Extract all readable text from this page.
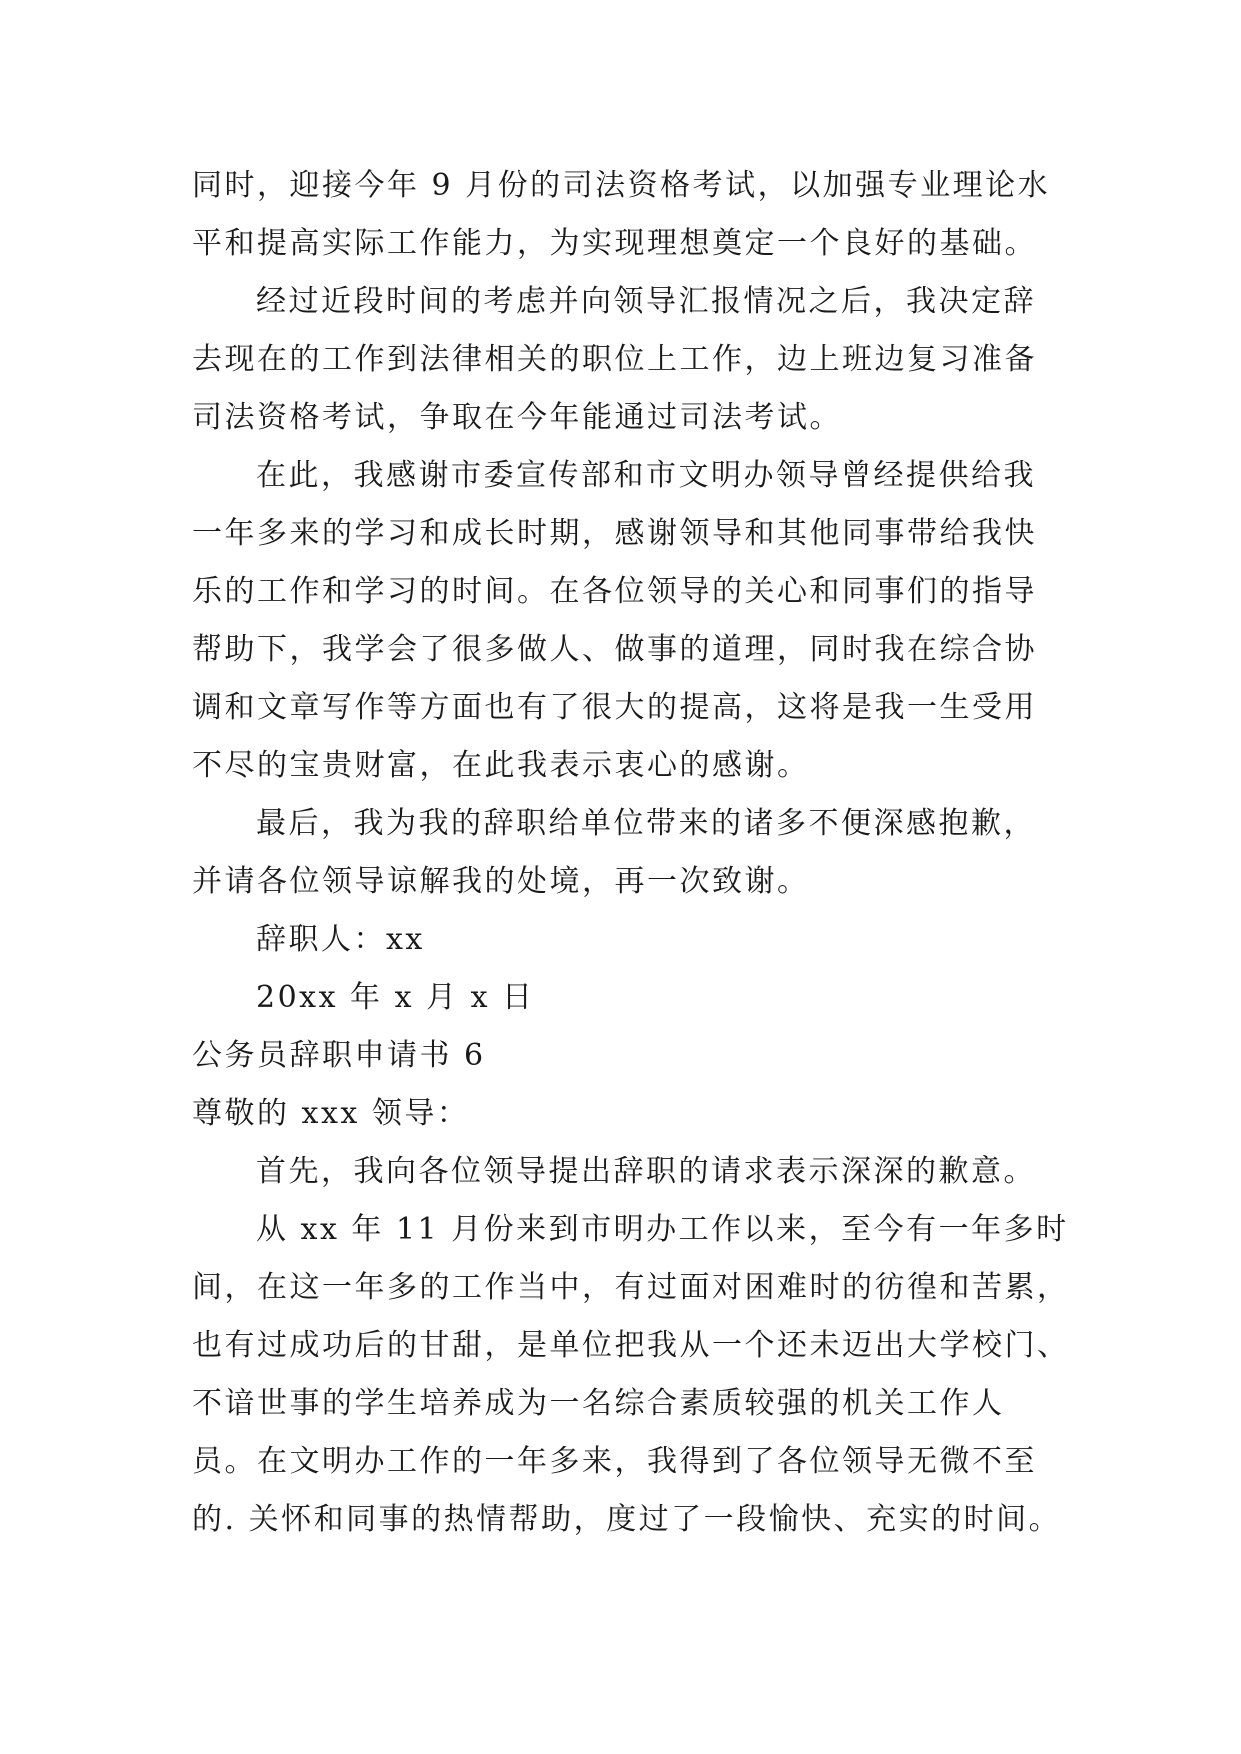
同时，迎接今年 9 月份的司法资格考试，以加强专业理论水
平和提高实际工作能力，为实现理想奠定一个良好的基础。
经过近段时间的考虑并向领导汇报情况之后，我决定辞
去现在的工作到法律相关的职位上工作，边上班边复习准备
司法资格考试，争取在今年能通过司法考试。
在此，我感谢市委宣传部和市文明办领导曾经提供给我
一年多来的学习和成长时期，感谢领导和其他同事带给我快
乐的工作和学习的时间。在各位领导的关心和同事们的指导
帮助下，我学会了很多做人、做事的道理，同时我在综合协
调和文章写作等方面也有了很大的提高，这将是我一生受用
不尽的宝贵财富，在此我表示衷心的感谢。
最后，我为我的辞职给单位带来的诸多不便深感抱歉，
并请各位领导谅解我的处境，再一次致谢。
辞职人：xx
20xx 年 x 月 x 日
公务员辞职申请书 6
尊敬的 xxx 领导：
首先，我向各位领导提出辞职的请求表示深深的歉意。
从 xx 年 11 月份来到市明办工作以来，至今有一年多时
间，在这一年多的工作当中，有过面对困难时的彷徨和苦累，
也有过成功后的甘甜，是单位把我从一个还未迈出大学校门、
不谙世事的学生培养成为一名综合素质较强的机关工作人
员。在文明办工作的一年多来，我得到了各位领导无微不至
的. 关怀和同事的热情帮助，度过了一段愉快、充实的时间。
